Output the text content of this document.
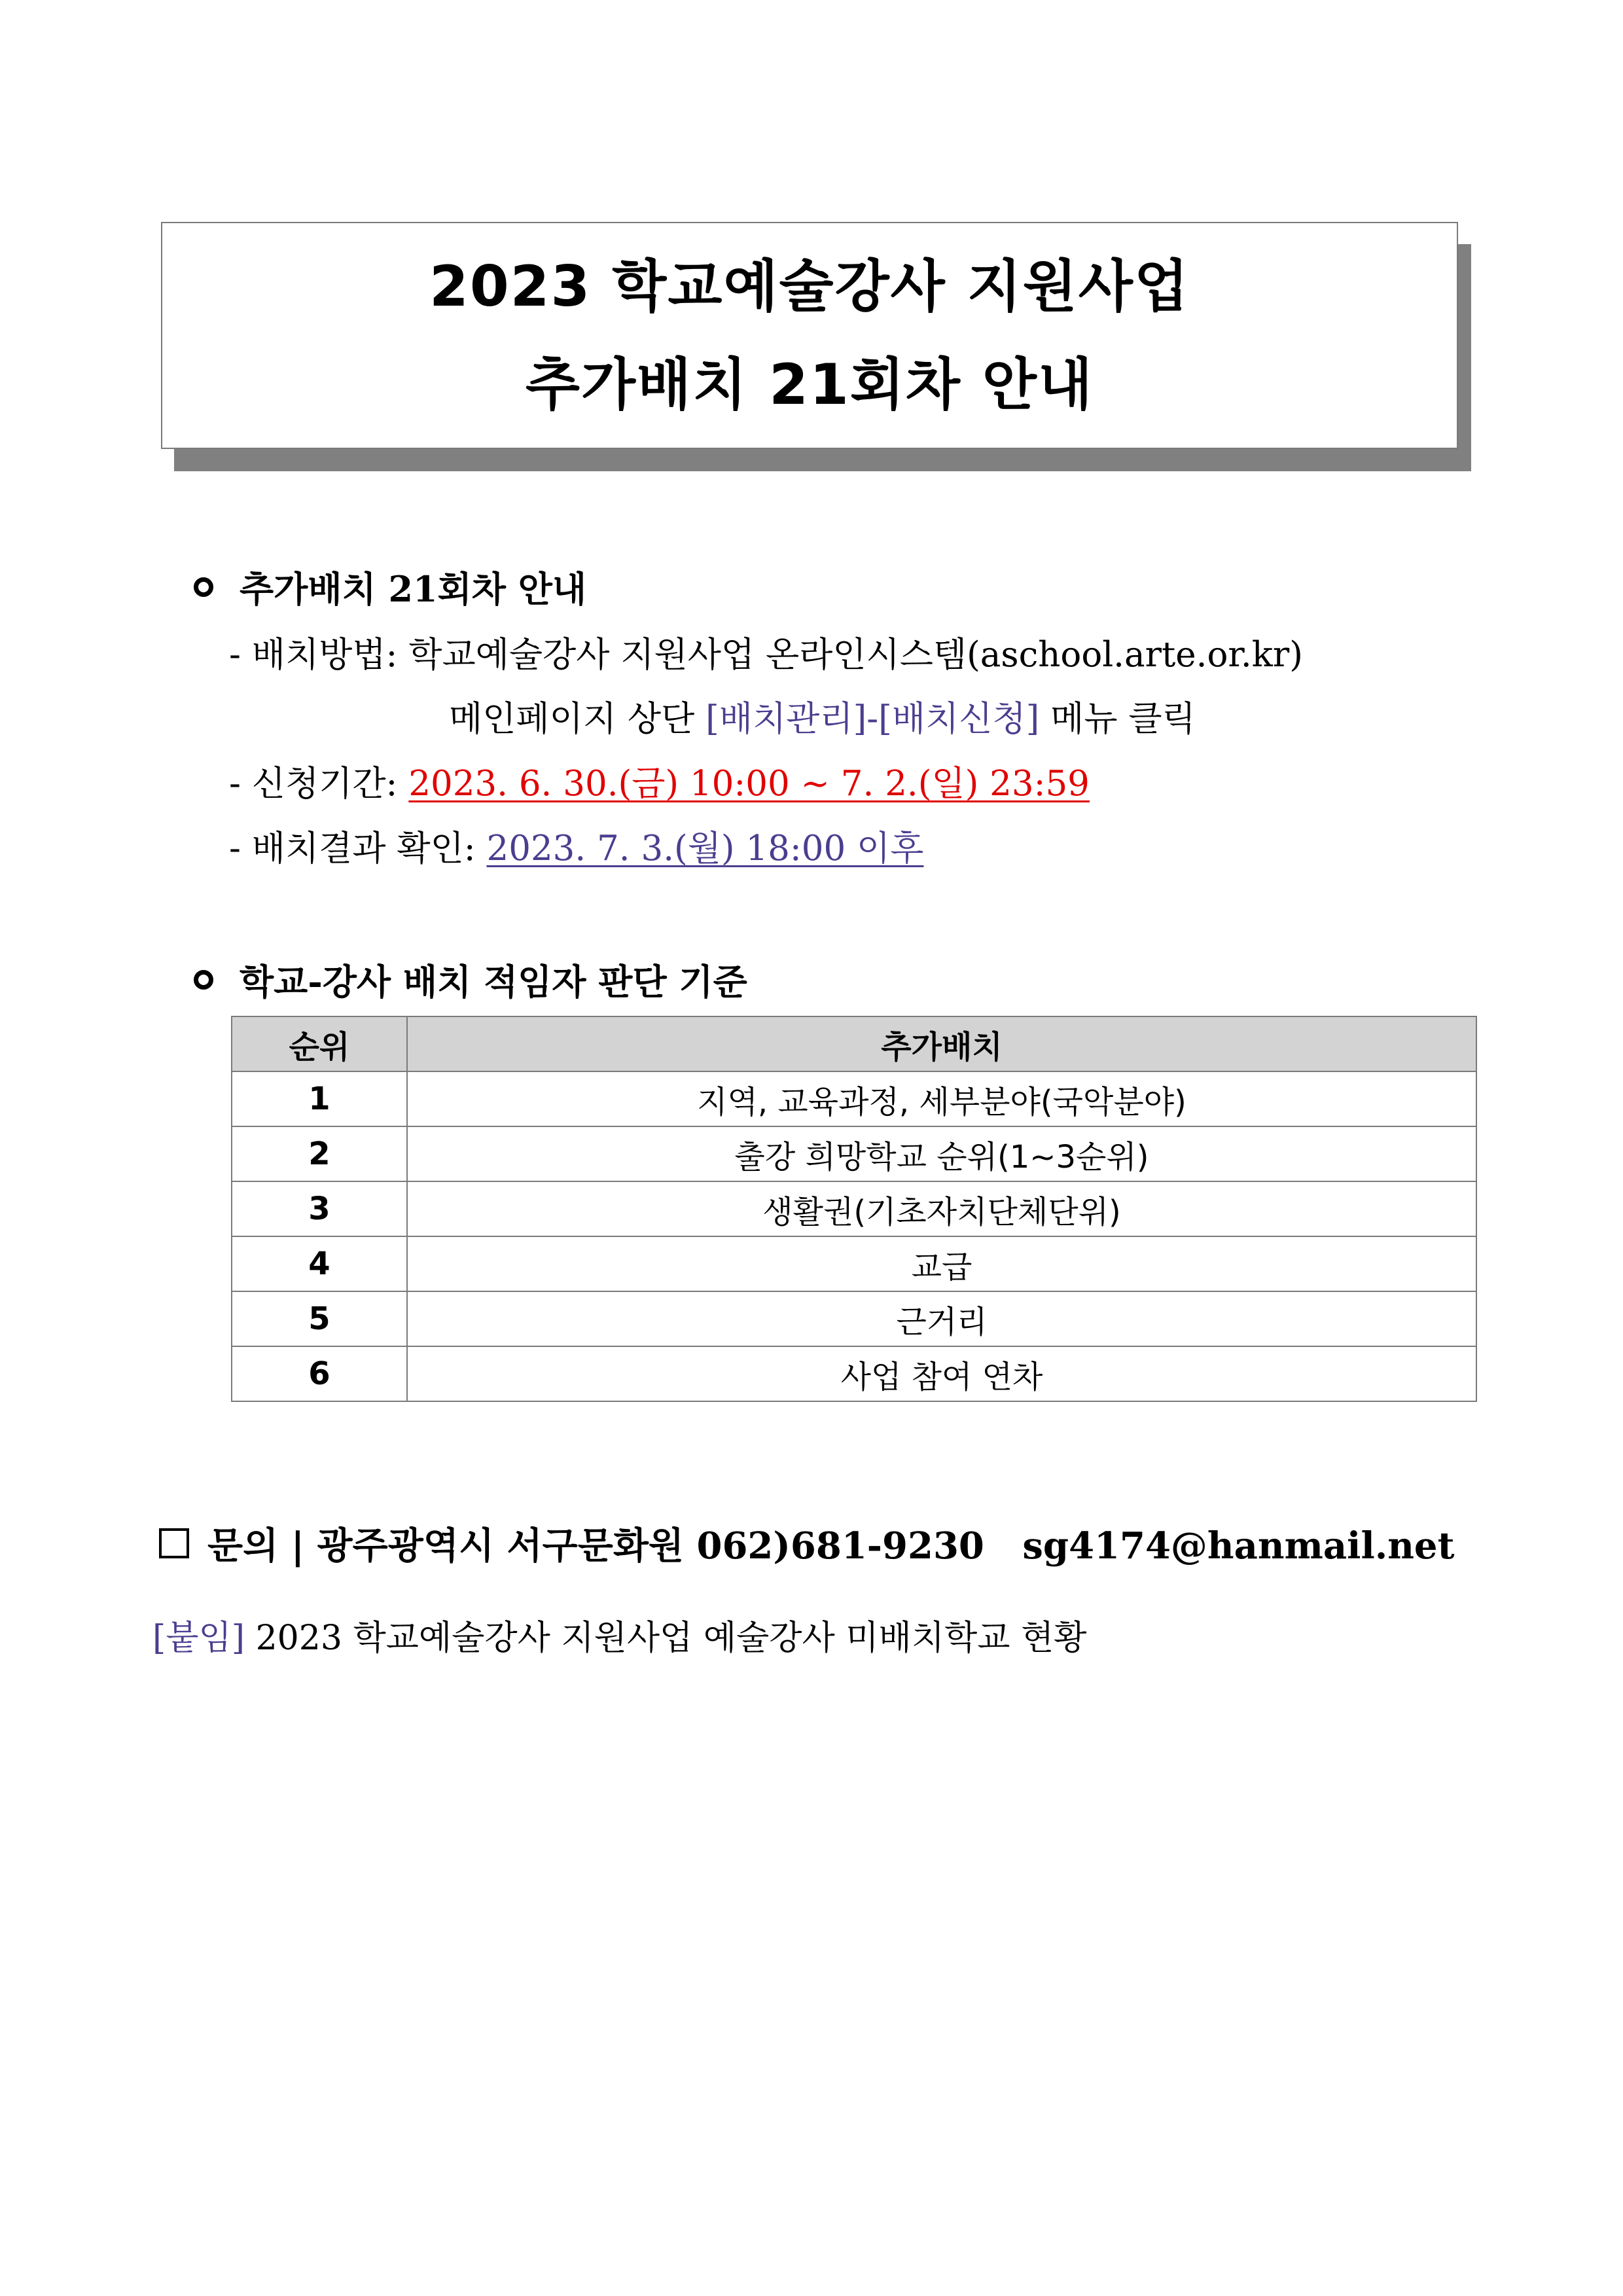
2023 학교예술강사 지원사업
추가배치 21회차 안내
추가배치 21회차 안내
- 배치방법: 학교예술강사 지원사업 온라인시스템(aschool.arte.or.kr)
메인페이지 상단 [배치관리]-[배치신청] 메뉴 클릭
- 신청기간: 2023. 6. 30.(금) 10:00 ~ 7. 2.(일) 23:59
- 배치결과 확인: 2023. 7. 3.(월) 18:00 이후
학교-강사 배치 적임자 판단 기준
순위	추가배치
1	지역, 교육과정, 세부분야(국악분야)
2	출강 희망학교 순위(1~3순위)
3	생활권(기초자치단체단위)
4	교급
5	근거리
6	사업 참여 연차
문의 | 광주광역시 서구문화원 062)681-9230   sg4174@hanmail.net
[붙임] 2023 학교예술강사 지원사업 예술강사 미배치학교 현황
